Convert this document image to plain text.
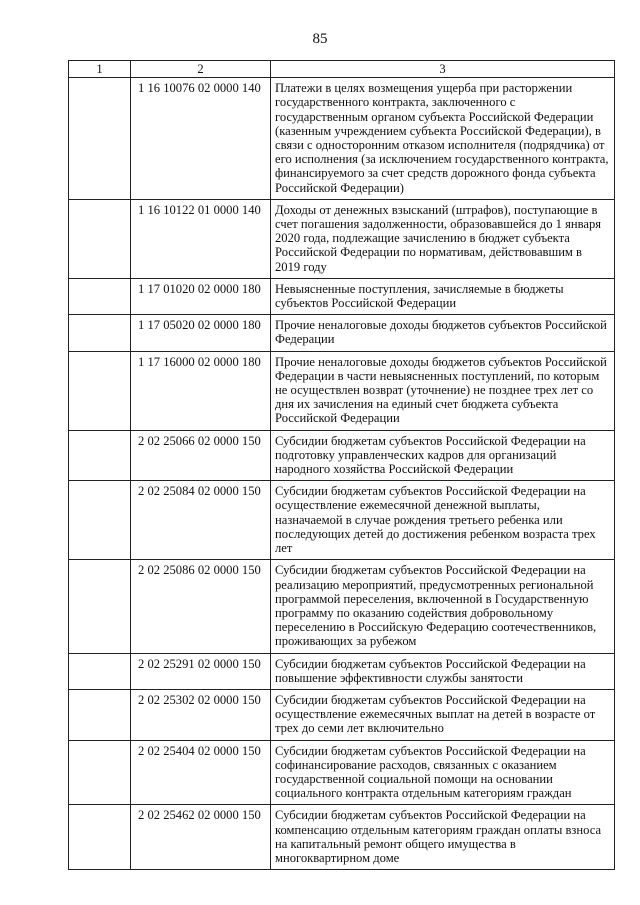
85
1	2	3
	1 16 10076 02 0000 140	Платежи в целях возмещения ущерба при расторжении государственного контракта, заключенного с государственным органом субъекта Российской Федерации (казенным учреждением субъекта Российской Федерации), в связи с односторонним отказом исполнителя (подрядчика) от его исполнения (за исключением государственного контракта, финансируемого за счет средств дорожного фонда субъекта Российской Федерации)
	1 16 10122 01 0000 140	Доходы от денежных взысканий (штрафов), поступающие в счет погашения задолженности, образовавшейся до 1 января 2020 года, подлежащие зачислению в бюджет субъекта Российской Федерации по нормативам, действовавшим в 2019 году
	1 17 01020 02 0000 180	Невыясненные поступления, зачисляемые в бюджеты субъектов Российской Федерации
	1 17 05020 02 0000 180	Прочие неналоговые доходы бюджетов субъектов Российской Федерации
	1 17 16000 02 0000 180	Прочие неналоговые доходы бюджетов субъектов Российской Федерации в части невыясненных поступлений, по которым не осуществлен возврат (уточнение) не позднее трех лет со дня их зачисления на единый счет бюджета субъекта Российской Федерации
	2 02 25066 02 0000 150	Субсидии бюджетам субъектов Российской Федерации на подготовку управленческих кадров для организаций народного хозяйства Российской Федерации
	2 02 25084 02 0000 150	Субсидии бюджетам субъектов Российской Федерации на осуществление ежемесячной денежной выплаты, назначаемой в случае рождения третьего ребенка или последующих детей до достижения ребенком возраста трех лет
	2 02 25086 02 0000 150	Субсидии бюджетам субъектов Российской Федерации на реализацию мероприятий, предусмотренных региональной программой переселения, включенной в Государственную программу по оказанию содействия добровольному переселению в Российскую Федерацию соотечественников, проживающих за рубежом
	2 02 25291 02 0000 150	Субсидии бюджетам субъектов Российской Федерации на повышение эффективности службы занятости
	2 02 25302 02 0000 150	Субсидии бюджетам субъектов Российской Федерации на осуществление ежемесячных выплат на детей в возрасте от трех до семи лет включительно
	2 02 25404 02 0000 150	Субсидии бюджетам субъектов Российской Федерации на софинансирование расходов, связанных с оказанием государственной социальной помощи на основании социального контракта отдельным категориям граждан
	2 02 25462 02 0000 150	Субсидии бюджетам субъектов Российской Федерации на компенсацию отдельным категориям граждан оплаты взноса на капитальный ремонт общего имущества в многоквартирном доме
